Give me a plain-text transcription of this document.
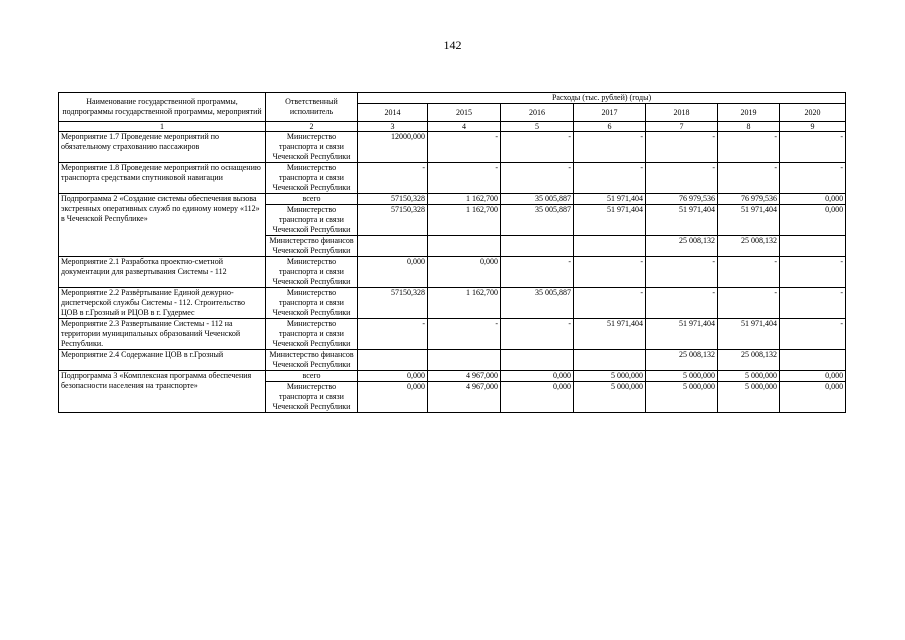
142
Наименование государственной программы, подпрограммы государственной программы, мероприятий	Ответственный исполнитель	Расходы (тыс. рублей) (годы)						
		2014	2015	2016	2017	2018	2019	2020
1	2	3	4	5	6	7	8	9
Мероприятие 1.7 Проведение мероприятий по обязательному страхованию пассажиров	Министерство транспорта и связи Чеченской Республики	12000,000	-	-	-	-	-	-
Мероприятие 1.8 Проведение мероприятий по оснащению транспорта средствами спутниковой навигации	Министерство транспорта и связи Чеченской Республики	-	-	-	-	-	-	-
Подпрограмма 2 «Создание системы обеспечения вызова экстренных оперативных служб по единому номеру «112» в Чеченской Республике»	всего	57150,328	1 162,700	35 005,887	51 971,404	76 979,536	76 979,536	0,000
	Министерство транспорта и связи Чеченской Республики	57150,328	1 162,700	35 005,887	51 971,404	51 971,404	51 971,404	0,000
	Министерство финансов Чеченской Республики					25 008,132	25 008,132	
Мероприятие 2.1 Разработка проектно-сметной документации для развертывания Системы - 112	Министерство транспорта и связи Чеченской Республики	0,000	0,000	-	-	-	-	-
Мероприятие 2.2 Развёртывание Единой дежурно-диспетчерской службы Системы - 112. Строительство ЦОВ в г.Грозный и РЦОВ в г. Гудермес	Министерство транспорта и связи Чеченской Республики	57150,328	1 162,700	35 005,887	-	-	-	-
Мероприятие 2.3 Развертывание Системы - 112 на территории муниципальных образований Чеченской Республики.	Министерство транспорта и связи Чеченской Республики	-	-	-	51 971,404	51 971,404	51 971,404	-
Мероприятие 2.4 Содержание ЦОВ в г.Грозный	Министерство финансов Чеченской Республики					25 008,132	25 008,132	
Подпрограмма 3 «Комплексная программа обеспечения безопасности населения на транспорте»	всего	0,000	4 967,000	0,000	5 000,000	5 000,000	5 000,000	0,000
	Министерство транспорта и связи Чеченской Республики	0,000	4 967,000	0,000	5 000,000	5 000,000	5 000,000	0,000
